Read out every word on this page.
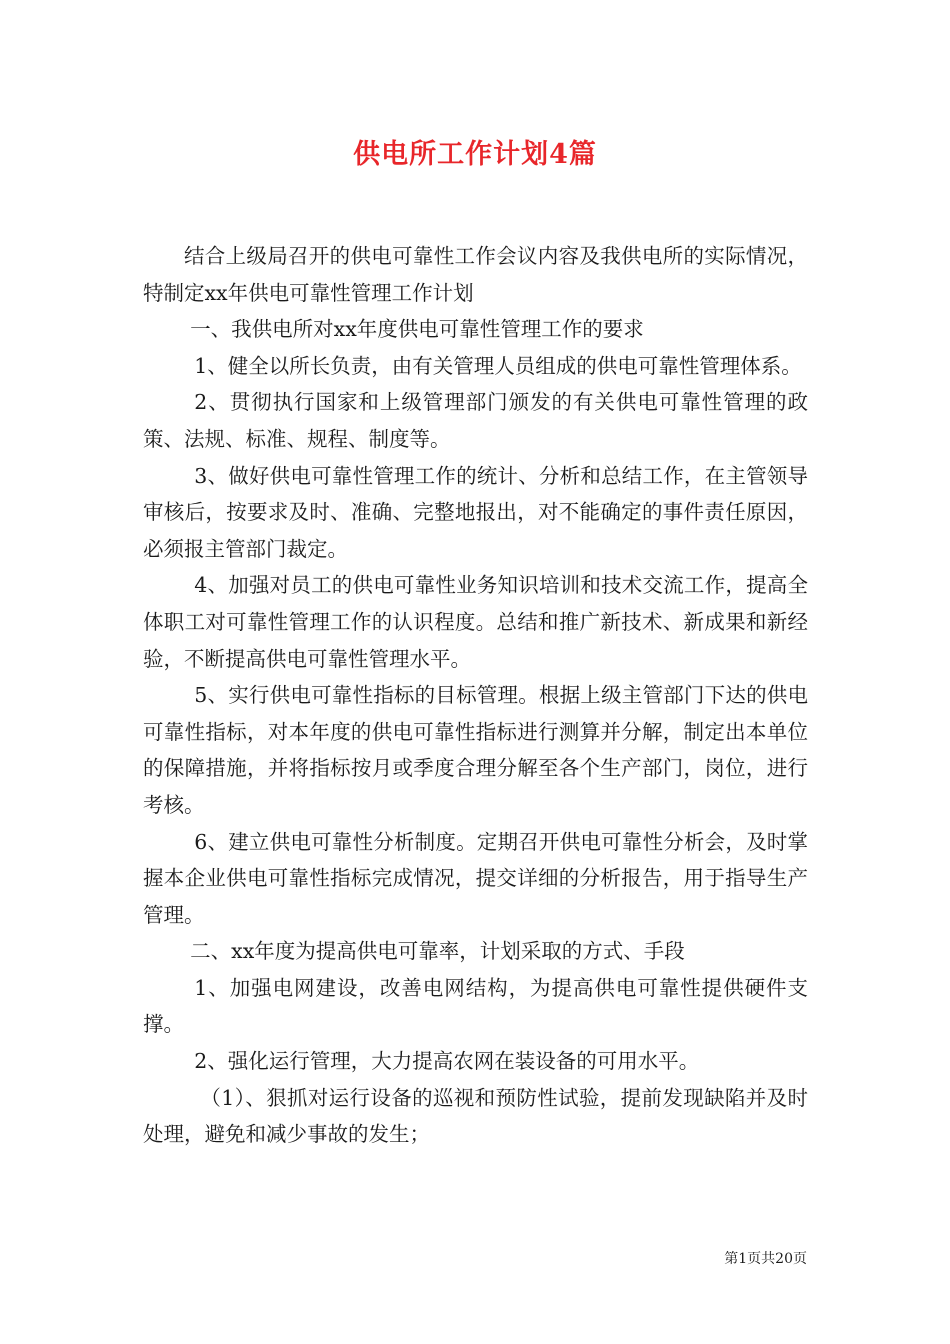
供电所工作计划4篇

结合上级局召开的供电可靠性工作会议内容及我供电所的实际情况，特制定xx年供电可靠性管理工作计划

一、我供电所对xx年度供电可靠性管理工作的要求

1、健全以所长负责，由有关管理人员组成的供电可靠性管理体系。

2、贯彻执行国家和上级管理部门颁发的有关供电可靠性管理的政策、法规、标准、规程、制度等。

3、做好供电可靠性管理工作的统计、分析和总结工作，在主管领导审核后，按要求及时、准确、完整地报出，对不能确定的事件责任原因，必须报主管部门裁定。

4、加强对员工的供电可靠性业务知识培训和技术交流工作，提高全体职工对可靠性管理工作的认识程度。总结和推广新技术、新成果和新经验，不断提高供电可靠性管理水平。

5、实行供电可靠性指标的目标管理。根据上级主管部门下达的供电可靠性指标，对本年度的供电可靠性指标进行测算并分解，制定出本单位的保障措施，并将指标按月或季度合理分解至各个生产部门，岗位，进行考核。

6、建立供电可靠性分析制度。定期召开供电可靠性分析会，及时掌握本企业供电可靠性指标完成情况，提交详细的分析报告，用于指导生产管理。

二、xx年度为提高供电可靠率，计划采取的方式、手段

1、加强电网建设，改善电网结构，为提高供电可靠性提供硬件支撑。

2、强化运行管理，大力提高农网在装设备的可用水平。

（1）、狠抓对运行设备的巡视和预防性试验，提前发现缺陷并及时处理，避免和减少事故的发生；

第1页共20页
